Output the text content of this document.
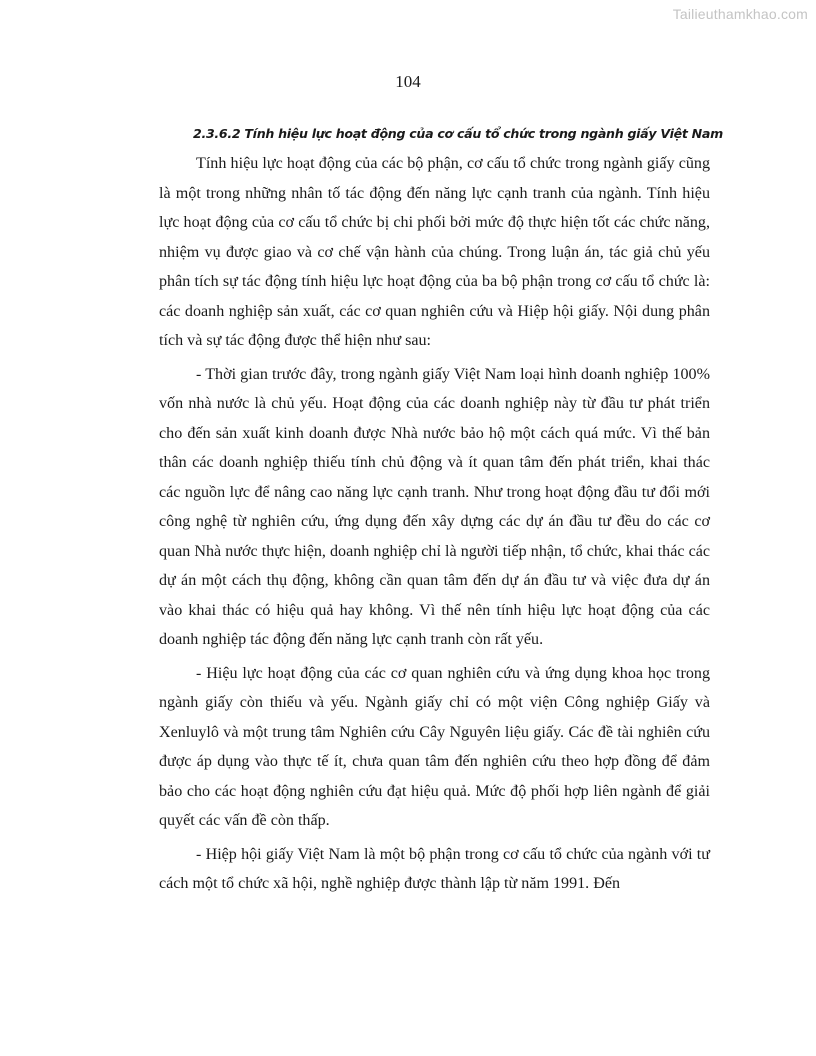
Tailieuthamkhao.com
104
2.3.6.2 Tính hiệu lực hoạt động của cơ cấu tổ chức trong ngành giấy Việt Nam

Tính hiệu lực hoạt động của các bộ phận, cơ cấu tổ chức trong ngành giấy cũng là một trong những nhân tố tác động đến năng lực cạnh tranh của ngành. Tính hiệu lực hoạt động của cơ cấu tổ chức bị chi phối bởi mức độ thực hiện tốt các chức năng, nhiệm vụ được giao và cơ chế vận hành của chúng. Trong luận án, tác giả chủ yếu phân tích sự tác động tính hiệu lực hoạt động của ba bộ phận trong cơ cấu tổ chức là: các doanh nghiệp sản xuất, các cơ quan nghiên cứu và Hiệp hội giấy. Nội dung phân tích và sự tác động được thể hiện như sau:

- Thời gian trước đây, trong ngành giấy Việt Nam loại hình doanh nghiệp 100% vốn nhà nước là chủ yếu. Hoạt động của các doanh nghiệp này từ đầu tư phát triển cho đến sản xuất kinh doanh được Nhà nước bảo hộ một cách quá mức. Vì thế bản thân các doanh nghiệp thiếu tính chủ động và ít quan tâm đến phát triển, khai thác các nguồn lực để nâng cao năng lực cạnh tranh. Như trong hoạt động đầu tư đổi mới công nghệ từ nghiên cứu, ứng dụng đến xây dựng các dự án đầu tư đều do các cơ quan Nhà nước thực hiện, doanh nghiệp chỉ là người tiếp nhận, tổ chức, khai thác các dự án một cách thụ động, không cần quan tâm đến dự án đầu tư và việc đưa dự án vào khai thác có hiệu quả hay không. Vì thế nên tính hiệu lực hoạt động của các doanh nghiệp tác động đến năng lực cạnh tranh còn rất yếu.

- Hiệu lực hoạt động của các cơ quan nghiên cứu và ứng dụng khoa học trong ngành giấy còn thiếu và yếu. Ngành giấy chỉ có một viện Công nghiệp Giấy và Xenluylô và một trung tâm Nghiên cứu Cây Nguyên liệu giấy. Các đề tài nghiên cứu được áp dụng vào thực tế ít, chưa quan tâm đến nghiên cứu theo hợp đồng để đảm bảo cho các hoạt động nghiên cứu đạt hiệu quả. Mức độ phối hợp liên ngành để giải quyết các vấn đề còn thấp.

- Hiệp hội giấy Việt Nam là một bộ phận trong cơ cấu tổ chức của ngành với tư cách một tổ chức xã hội, nghề nghiệp được thành lập từ năm 1991. Đến
